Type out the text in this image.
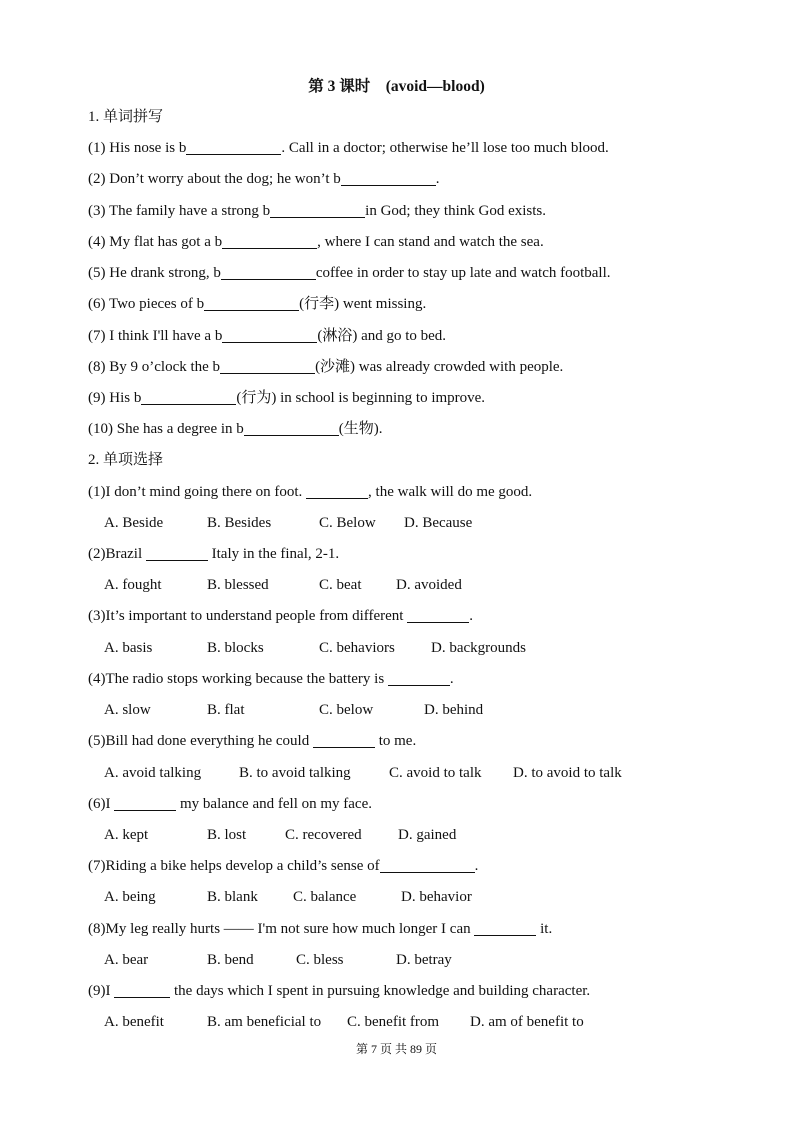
第 3 课时　(avoid—blood)
1. 单词拼写
(1) His nose is b	. Call in a doctor; otherwise he’ll lose too much blood.
(2) Don’t worry about the dog; he won’t b	.
(3) The family have a strong b	in God; they think God exists.
(4) My flat has got a b	, where I can stand and watch the sea.
(5) He drank strong, b	coffee in order to stay up late and watch football.
(6) Two pieces of b	(行李) went missing.
(7) I think I'll have a b	(淋浴) and go to bed.
(8) By 9 o’clock the b	(沙滩) was already crowded with people.
(9) His b	(行为) in school is beginning to improve.
(10) She has a degree in b	(生物).
2. 单项选择
(1)I don’t mind going there on foot.	, the walk will do me good.
A. Beside	B. Besides	C. Below D. Because
(2)Brazil	Italy in the final, 2-1.
A. fought	B. blessed	C. beat D. avoided
(3)It’s important to understand people from different	.
A. basis	B. blocks	C. behaviors D. backgrounds
(4)The radio stops working because the battery is	.
A. slow	B. flat	C. below	D. behind
(5)Bill had done everything he could	to me.
A. avoid talking	B. to avoid talking	C. avoid to talk D. to avoid to talk
(6)I	my balance and fell on my face.
A. kept	B. lost	C. recovered D. gained
(7)Riding a bike helps develop a child’s sense of	.
A. being	B. blank C. balance	D. behavior
(8)My leg really hurts —— I'm not sure how much longer I can	it.
A. bear	B. bend	C. bless	D. betray
(9)I	the days which I spent in pursuing knowledge and building character.
A. benefit	B. am beneficial to C. benefit from D. am of benefit to
第 7 页 共 89 页
